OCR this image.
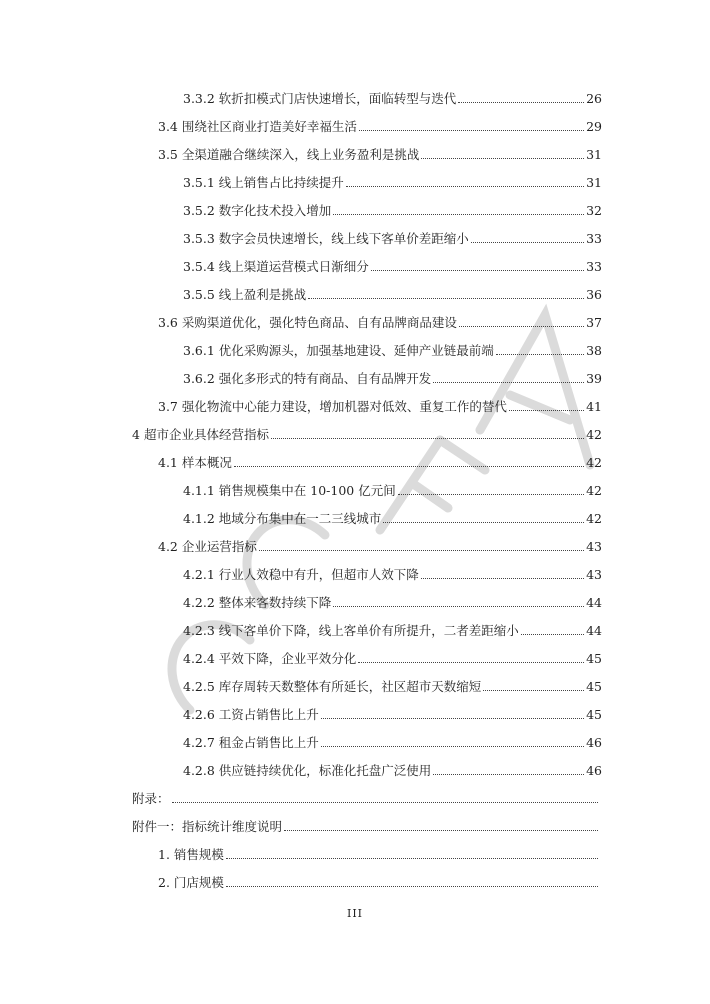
3.3.2 软折扣模式门店快速增长，面临转型与迭代	26
3.4 围绕社区商业打造美好幸福生活	29
3.5 全渠道融合继续深入，线上业务盈利是挑战	31
3.5.1 线上销售占比持续提升	31
3.5.2 数字化技术投入增加	32
3.5.3 数字会员快速增长，线上线下客单价差距缩小	33
3.5.4 线上渠道运营模式日渐细分	33
3.5.5 线上盈利是挑战	36
3.6 采购渠道优化，强化特色商品、自有品牌商品建设	37
3.6.1 优化采购源头，加强基地建设、延伸产业链最前端	38
3.6.2 强化多形式的特有商品、自有品牌开发	39
3.7 强化物流中心能力建设，增加机器对低效、重复工作的替代	41
4 超市企业具体经营指标	42
4.1 样本概况	42
4.1.1 销售规模集中在 10-100 亿元间	42
4.1.2 地域分布集中在一二三线城市	42
4.2 企业运营指标	43
4.2.1 行业人效稳中有升，但超市人效下降	43
4.2.2 整体来客数持续下降	44
4.2.3 线下客单价下降，线上客单价有所提升，二者差距缩小	44
4.2.4 平效下降，企业平效分化	45
4.2.5 库存周转天数整体有所延长，社区超市天数缩短	45
4.2.6 工资占销售比上升	45
4.2.7 租金占销售比上升	46
4.2.8 供应链持续优化，标准化托盘广泛使用	46
附录：
附件一：指标统计维度说明
1. 销售规模
2. 门店规模
III
